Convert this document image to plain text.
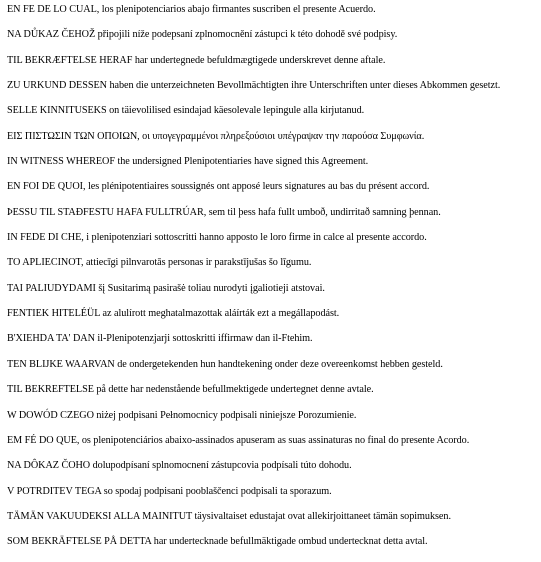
EN FE DE LO CUAL, los plenipotenciarios abajo firmantes suscriben el presente Acuerdo.

NA DŮKAZ ČEHOŽ připojili níže podepsaní zplnomocnění zástupci k této dohodě své podpisy.

TIL BEKRÆFTELSE HERAF har undertegnede befuldmægtigede underskrevet denne aftale.

ZU URKUND DESSEN haben die unterzeichneten Bevollmächtigten ihre Unterschriften unter dieses Abkommen gesetzt.

SELLE KINNITUSEKS on täievolilised esindajad käesolevale lepingule alla kirjutanud.

ΕΙΣ ΠΙΣΤΩΣΙΝ ΤΩΝ ΟΠΟΙΩΝ, οι υπογεγραμμένοι πληρεξούσιοι υπέγραψαν την παρούσα Συμφωνία.

IN WITNESS WHEREOF the undersigned Plenipotentiaries have signed this Agreement.

EN FOI DE QUOI, les plénipotentiaires soussignés ont apposé leurs signatures au bas du présent accord.

ÞESSU TIL STAÐFESTU HAFA FULLTRÚAR, sem til þess hafa fullt umboð, undirritað samning þennan.

IN FEDE DI CHE, i plenipotenziari sottoscritti hanno apposto le loro firme in calce al presente accordo.

TO APLIECINOT, attiecīgi pilnvarotās personas ir parakstījušas šo līgumu.

TAI PALIUDYDAMI šį Susitarimą pasirašė toliau nurodyti įgaliotieji atstovai.

FENTIEK HITELÉÜL az alulírott meghatalmazottak aláírták ezt a megállapodást.

B'XIEHDA TA' DAN il-Plenipotenzjarji sottoskritti iffirmaw dan il-Ftehim.

TEN BLIJKE WAARVAN de ondergetekenden hun handtekening onder deze overeenkomst hebben gesteld.

TIL BEKREFTELSE på dette har nedenstående befullmektigede undertegnet denne avtale.

W DOWÓD CZEGO niżej podpisani Pełnomocnicy podpisali niniejsze Porozumienie.

EM FÉ DO QUE, os plenipotenciários abaixo-assinados apuseram as suas assinaturas no final do presente Acordo.

NA DÔKAZ ČOHO dolupodpísaní splnomocnení zástupcovia podpísali túto dohodu.

V POTRDITEV TEGA so spodaj podpisani pooblaščenci podpisali ta sporazum.

TÄMÄN VAKUUDEKSI ALLA MAINITUT täysivaltaiset edustajat ovat allekirjoittaneet tämän sopimuksen.

SOM BEKRÄFTELSE PÅ DETTA har undertecknade befullmäktigade ombud undertecknat detta avtal.
